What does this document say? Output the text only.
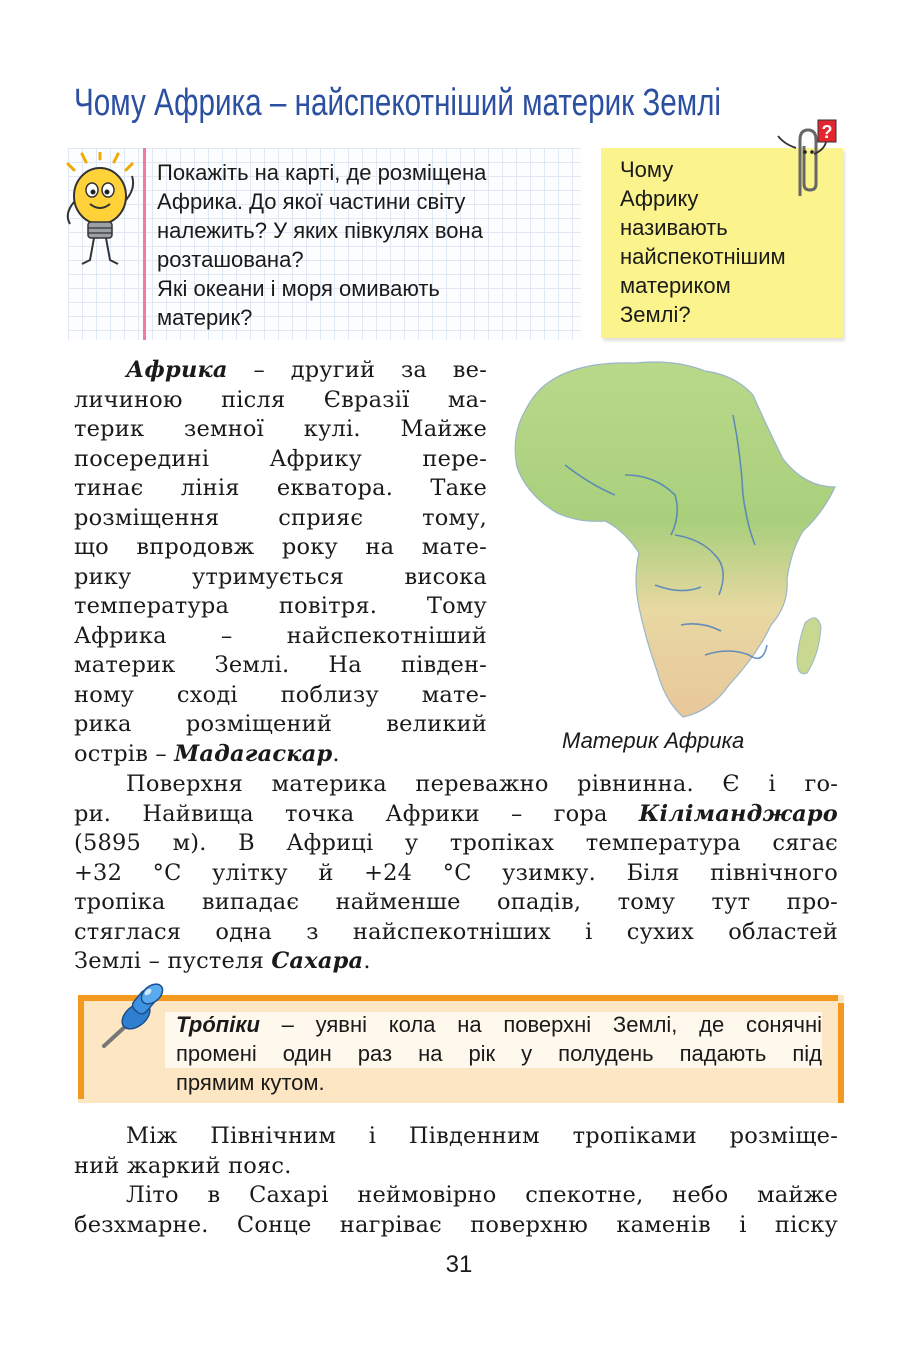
Чому Африка – найспекотніший материк Землі
Покажіть на карті, де розміщена
Африка. До якої частини світу
належить? У яких півкулях вона
розташована?
Які океани і моря омивають
материк?
Чому
Африку
називають
найспекотнішим
материком
Землі?
?
Материк Африка
Африка – другий за ве-
личиною після Євразії ма-
терик земної кулі. Майже
посередині Африку пере-
тинає лінія екватора. Таке
розміщення сприяє тому,
що впродовж року на мате-
рику утримується висока
температура повітря. Тому
Африка – найспекотніший
материк Землі. На півден-
ному сході поблизу мате-
рика розміщений великий
острів – Мадагаскар.
Поверхня материка переважно рівнинна. Є і го-
ри. Найвища точка Африки – гора Кіліманджаро
(5895 м). В Африці у тропіках температура сягає
+32 °С улітку й +24 °С узимку. Біля північного
тропіка випадає найменше опадів, тому тут про-
стяглася одна з найспекотніших і сухих областей
Землі – пустеля Сахара.
Тро́піки – уявні кола на поверхні Землі, де сонячні
промені один раз на рік у полудень падають під
прямим кутом.
Між Північним і Південним тропіками розміще-
ний жаркий пояс.
Літо в Сахарі неймовірно спекотне, небо майже
безхмарне. Сонце нагріває поверхню каменів і піску
31
